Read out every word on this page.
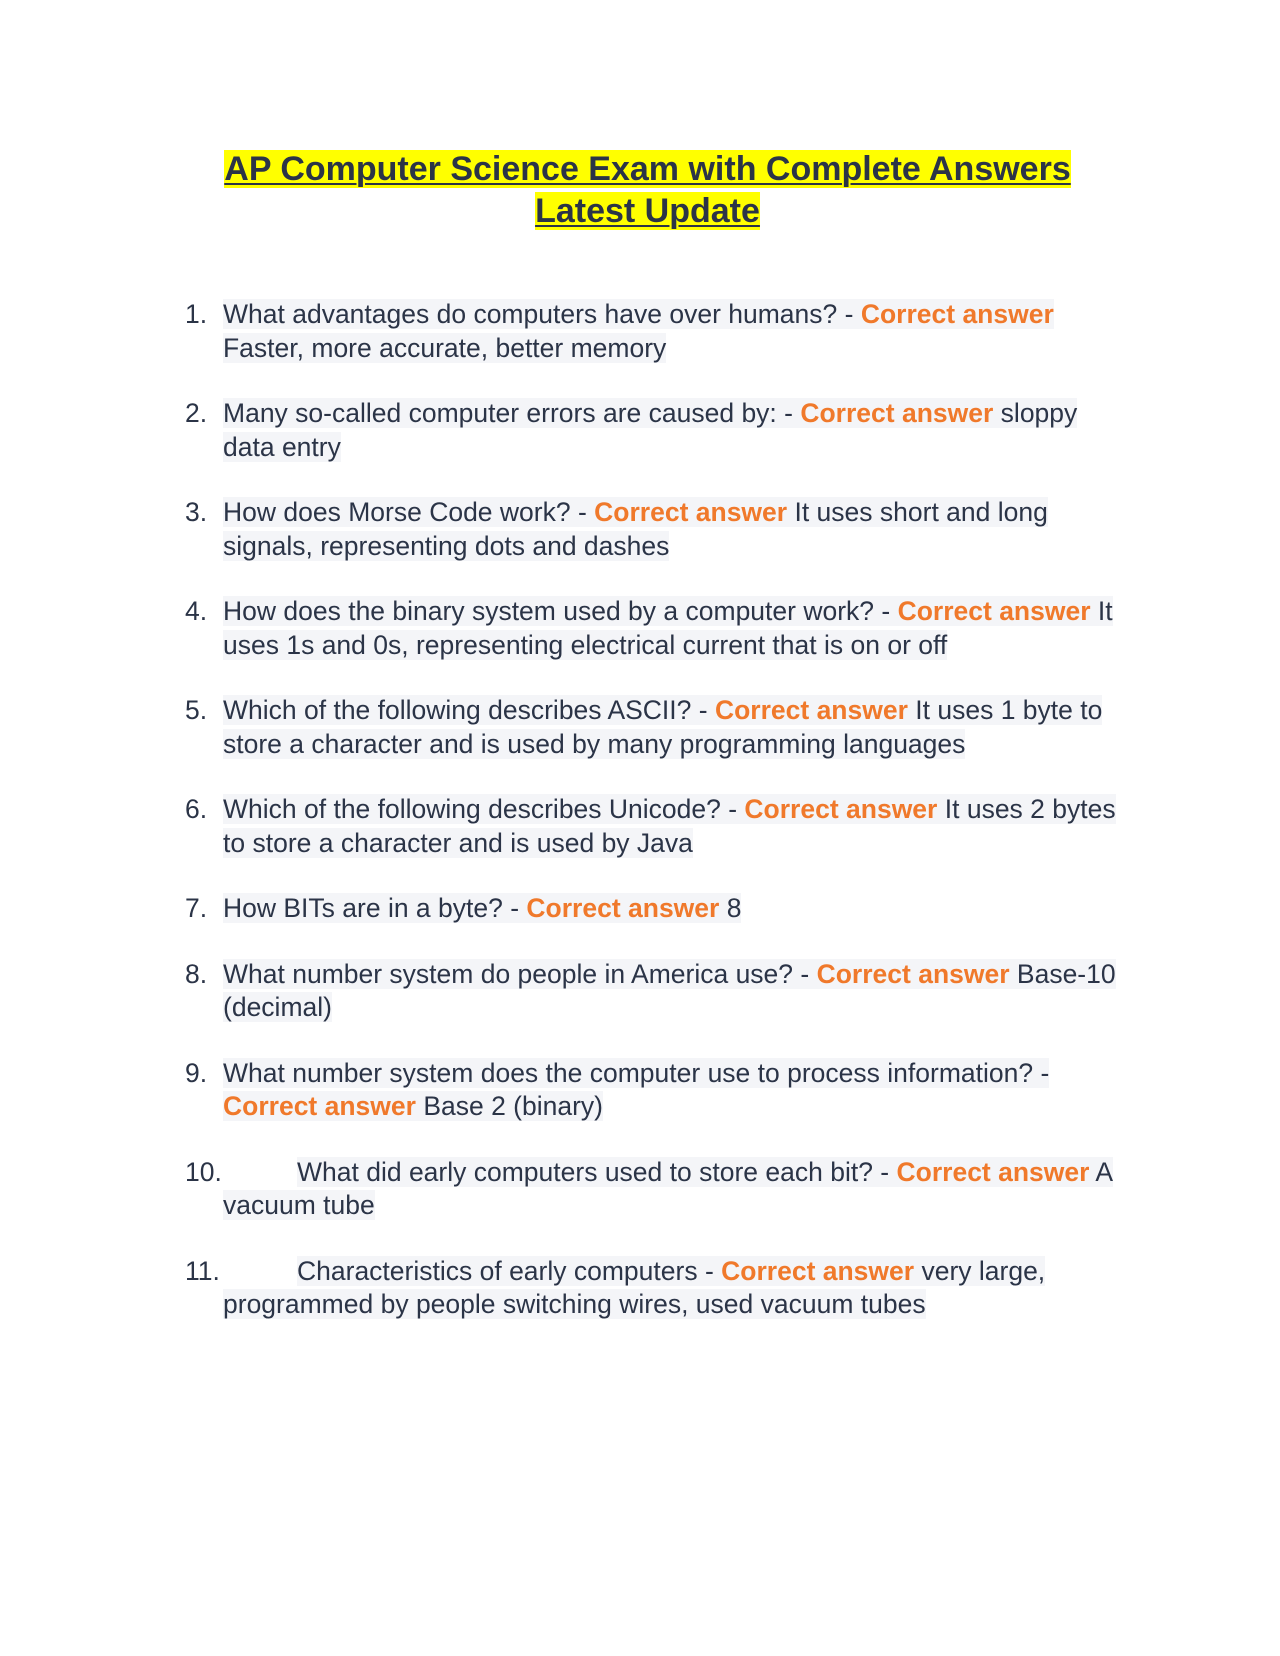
AP Computer Science Exam with Complete Answers
Latest Update
1. What advantages do computers have over humans? - Correct answer Faster, more accurate, better memory
2. Many so-called computer errors are caused by: - Correct answer sloppy data entry
3. How does Morse Code work? - Correct answer It uses short and long signals, representing dots and dashes
4. How does the binary system used by a computer work? - Correct answer It uses 1s and 0s, representing electrical current that is on or off
5. Which of the following describes ASCII? - Correct answer It uses 1 byte to store a character and is used by many programming languages
6. Which of the following describes Unicode? - Correct answer It uses 2 bytes to store a character and is used by Java
7. How BITs are in a byte? - Correct answer 8
8. What number system do people in America use? - Correct answer Base-10 (decimal)
9. What number system does the computer use to process information? - Correct answer Base 2 (binary)
10.	What did early computers used to store each bit? - Correct answer A vacuum tube
11.	Characteristics of early computers - Correct answer very large, programmed by people switching wires, used vacuum tubes
